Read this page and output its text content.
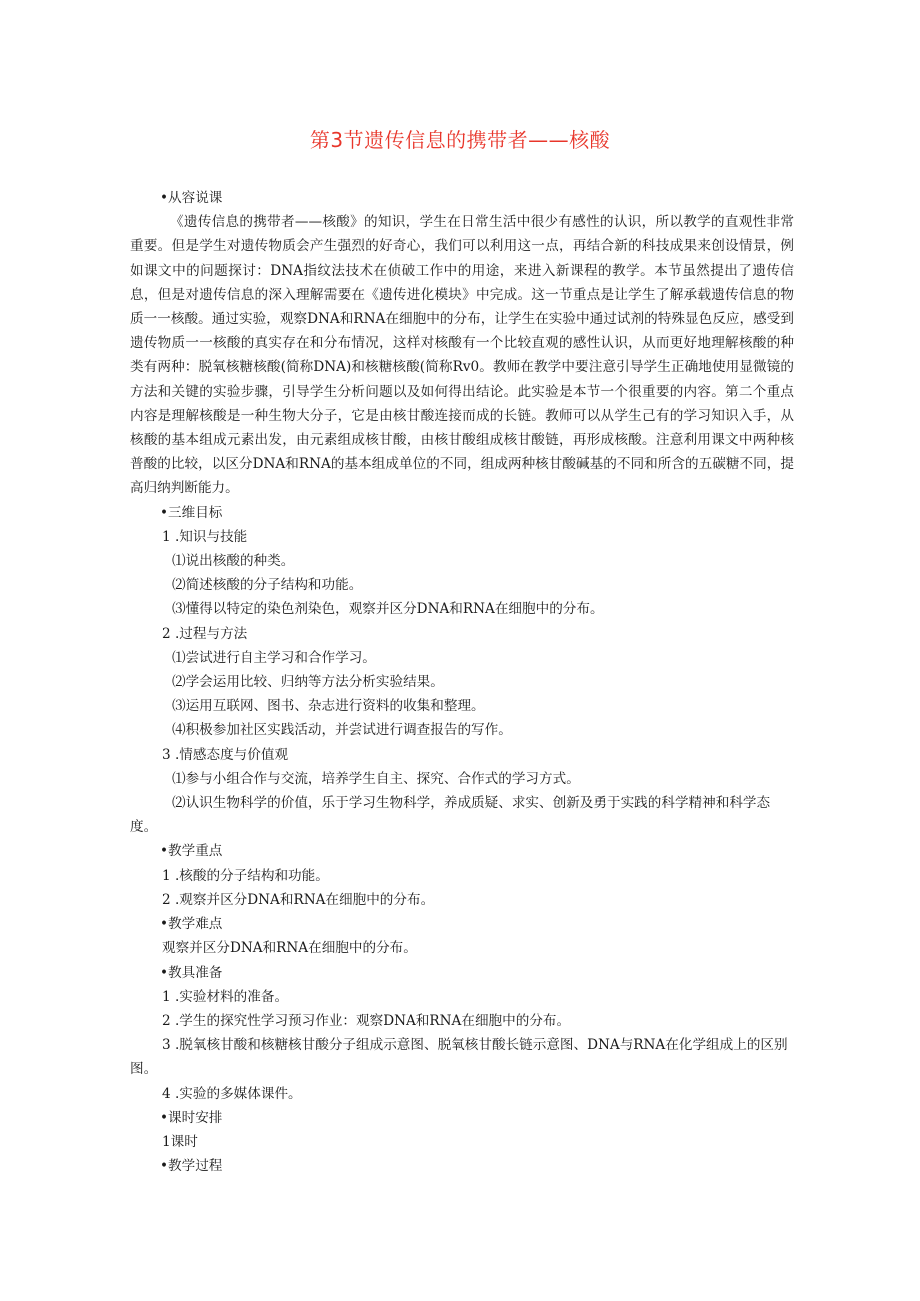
第3节遗传信息的携带者——核酸

•从容说课

《遗传信息的携带者——核酸》的知识，学生在日常生活中很少有感性的认识，所以教学的直观性非常重要。但是学生对遗传物质会产生强烈的好奇心，我们可以利用这一点，再结合新的科技成果来创设情景，例如课文中的问题探讨：DNA指纹法技术在侦破工作中的用途，来进入新课程的教学。本节虽然提出了遗传信息，但是对遗传信息的深入理解需要在《遗传进化模块》中完成。这一节重点是让学生了解承载遗传信息的物质一一核酸。通过实验，观察DNA和RNA在细胞中的分布，让学生在实验中通过试剂的特殊显色反应，感受到遗传物质一一核酸的真实存在和分布情况，这样对核酸有一个比较直观的感性认识，从而更好地理解核酸的种类有两种：脱氧核糖核酸(简称DNA)和核糖核酸(简称Rv0。教师在教学中要注意引导学生正确地使用显微镜的方法和关键的实验步骤，引导学生分析问题以及如何得出结论。此实验是本节一个很重要的内容。第二个重点内容是理解核酸是一种生物大分子，它是由核甘酸连接而成的长链。教师可以从学生己有的学习知识入手，从核酸的基本组成元素出发，由元素组成核甘酸，由核甘酸组成核甘酸链，再形成核酸。注意利用课文中两种核普酸的比较，以区分DNA和RNA的基本组成单位的不同，组成两种核甘酸碱基的不同和所含的五碳糖不同，提高归纳判断能力。

•三维目标

1 .知识与技能

⑴说出核酸的种类。

⑵简述核酸的分子结构和功能。

⑶懂得以特定的染色剂染色，观察并区分DNA和RNA在细胞中的分布。

2 .过程与方法

⑴尝试进行自主学习和合作学习。

⑵学会运用比较、归纳等方法分析实验结果。

⑶运用互联网、图书、杂志进行资料的收集和整理。

⑷积极参加社区实践活动，并尝试进行调查报告的写作。

3 .情感态度与价值观

⑴参与小组合作与交流，培养学生自主、探究、合作式的学习方式。

⑵认识生物科学的价值，乐于学习生物科学，养成质疑、求实、创新及勇于实践的科学精神和科学态度。

•教学重点

1 .核酸的分子结构和功能。

2 .观察并区分DNA和RNA在细胞中的分布。

•教学难点

观察并区分DNA和RNA在细胞中的分布。

•教具准备

1 .实验材料的准备。

2 .学生的探究性学习预习作业：观察DNA和RNA在细胞中的分布。

3 .脱氧核甘酸和核糖核甘酸分子组成示意图、脱氧核甘酸长链示意图、DNA与RNA在化学组成上的区别图。

4 .实验的多媒体课件。

•课时安排

1课时

•教学过程
